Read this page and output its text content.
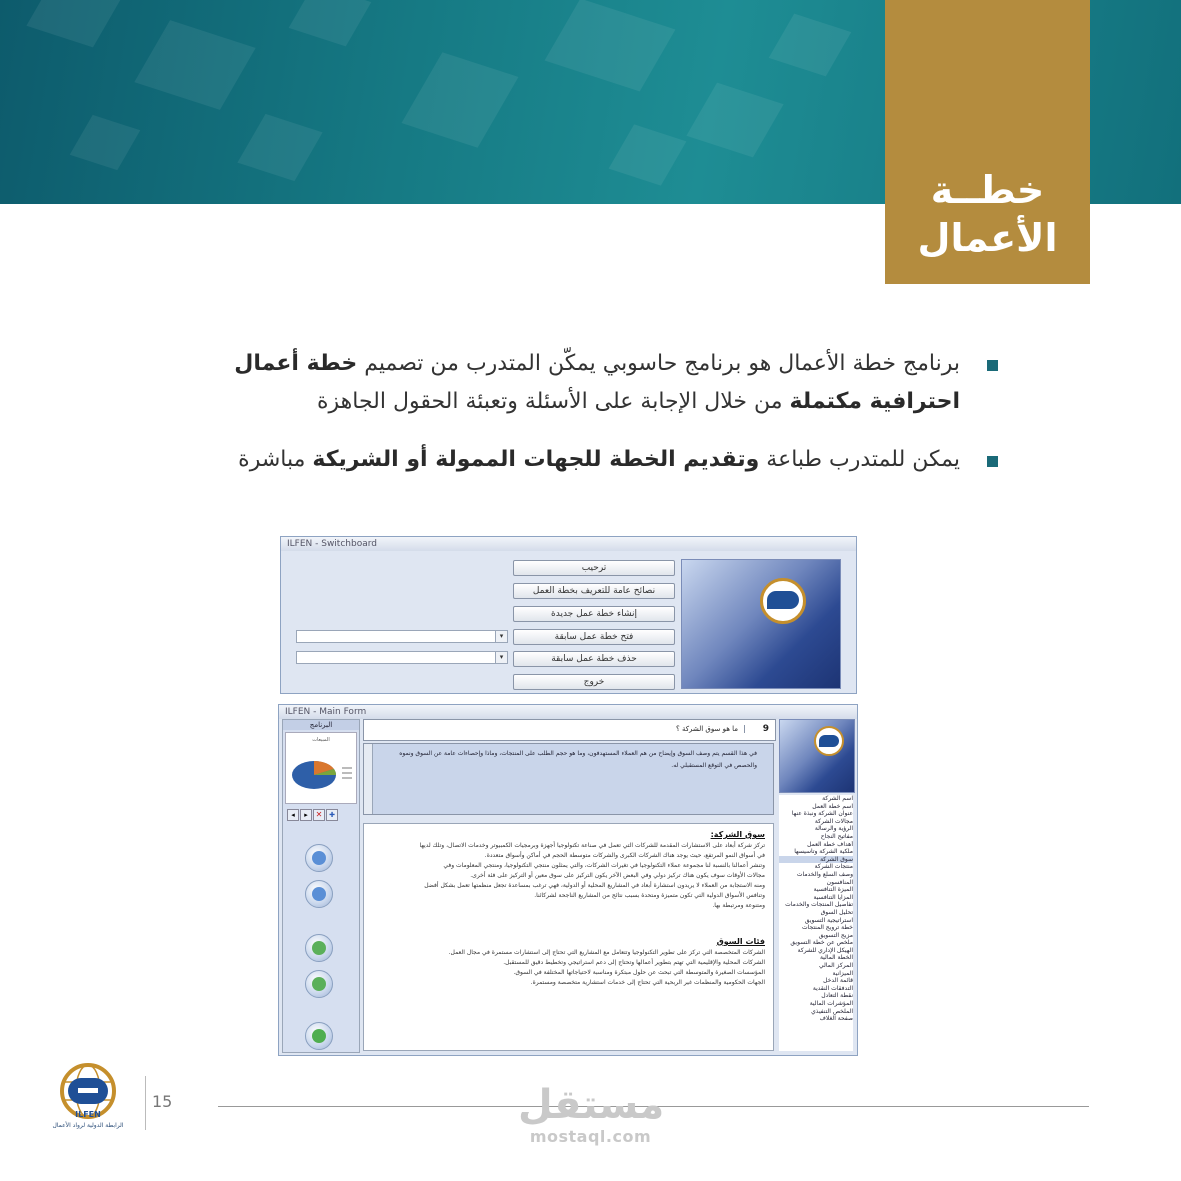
خطــة
الأعمال
برنامج خطة الأعمال هو برنامج حاسوبي يمكّن المتدرب من تصميم خطة أعمال احترافية مكتملة من خلال الإجابة على الأسئلة وتعبئة الحقول الجاهزة
يمكن للمتدرب طباعة وتقديم الخطة للجهات الممولة أو الشريكة مباشرة
ILFEN - Switchboard
ترحيب
نصائح عامة للتعريف بخطة العمل
إنشاء خطة عمل جديدة
فتح خطة عمل سابقة
حذف خطة عمل سابقة
خروج
▾
▾
ILFEN - Main Form
البرنامج
المبيعات
◂	▸ ✕ ✚
9
ما هو سوق الشركة ؟
في هذا القسم يتم وصف السوق وإيضاح من هم العملاء المستهدفون، وما هو حجم الطلب على المنتجات، وماذا وإحصاءات عامة عن السوق ونموه
والحصص في التوقع المستقبلي له.
سوق الشركة:
تركز شركة أبعاد على الاستشارات المقدمة للشركات التي تعمل في صناعة تكنولوجيا أجهزة وبرمجيات الكمبيوتر وخدمات الاتصال، وتلك لديها
في أسواق النمو المرتفع، حيث يوجد هناك الشركات الكبرى والشركات متوسطة الحجم في أماكن وأسواق متعددة.
وتنشر أعمالنا بالنسبة لنا مجموعة عملاء التكنولوجيا في تغيرات الشركات، والتي يمثلون منتجي التكنولوجيا، ومنتجي المعلومات وفي
مجالات الأوقات سوف يكون هناك تركيز دولي وفي البعض الآخر يكون التركيز على سوق معين أو التركيز على فئة أخرى.
ومنه الاستجابة من العملاء لا يريدون استشارة أبعاد في المشاريع المحلية أو الدولية، فهي ترغب بمساعدة تجعل منظمتها تعمل بشكل أفضل
وتنافس الأسواق الدولية التي تكون متميزة ومتحدة بسبب نتائج من المشاريع الناجحة لشركائنا.
ومتنوعة ومرتبطة بها.
فئات السوق
الشركات المتخصصة التي تركز على تطوير التكنولوجيا وتتعامل مع المشاريع التي تحتاج إلى استشارات مستمرة في مجال العمل.
الشركات المحلية والإقليمية التي تهتم بتطوير أعمالها وتحتاج إلى دعم استراتيجي وتخطيط دقيق للمستقبل.
المؤسسات الصغيرة والمتوسطة التي تبحث عن حلول مبتكرة ومناسبة لاحتياجاتها المختلفة في السوق.
الجهات الحكومية والمنظمات غير الربحية التي تحتاج إلى خدمات استشارية متخصصة ومستمرة.
اسم الشركة
اسم خطة العمل
عنوان الشركة ونبذة عنها
مجالات الشركة
الرؤية والرسالة
مفاتيح النجاح
أهداف خطة العمل
ملكية الشركة وتأسيسها
سوق الشركة
منتجات الشركة
وصف السلع والخدمات
المنافسون
الميزة التنافسية
المزايا التنافسية
تفاصيل المنتجات والخدمات
تحليل السوق
استراتيجية التسويق
خطة ترويج المنتجات
مزيج التسويق
ملخص عن خطة التسويق
الهيكل الإداري للشركة
الخطة المالية
المركز المالي
الميزانية
قائمة الدخل
التدفقات النقدية
نقطة التعادل
المؤشرات المالية
الملخص التنفيذي
صفحة الغلاف
ILFEN
الرابطة الدولية لرواد الأعمال
15	مستقل
mostaql.com
